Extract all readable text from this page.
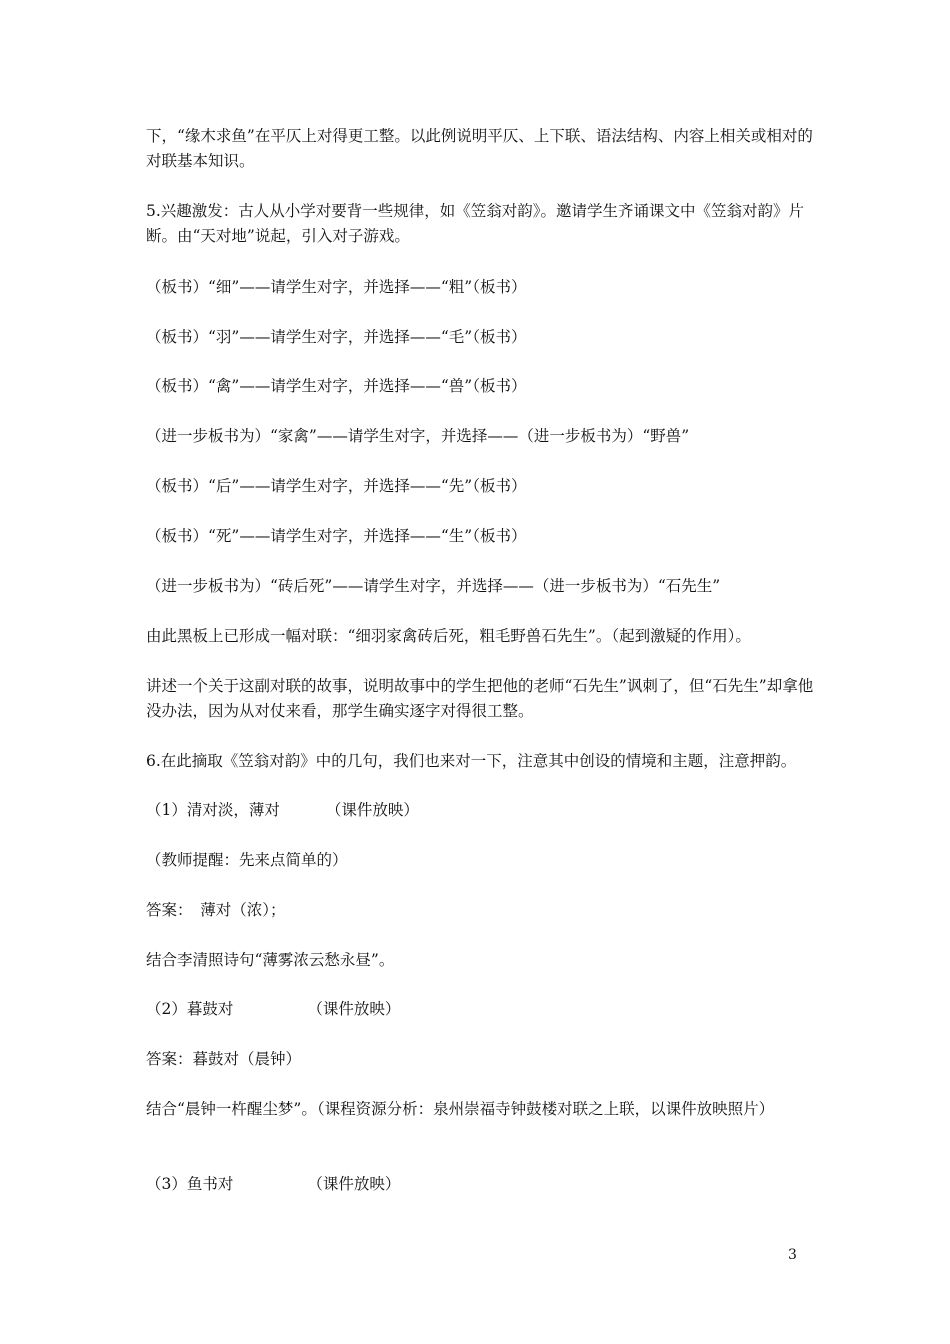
下，“缘木求鱼”在平仄上对得更工整。以此例说明平仄、上下联、语法结构、内容上相关或相对的对联基本知识。
5.兴趣激发：古人从小学对要背一些规律，如《笠翁对韵》。邀请学生齐诵课文中《笠翁对韵》片断。由“天对地”说起，引入对子游戏。
（板书）“细”——请学生对字，并选择——“粗”（板书）
（板书）“羽”——请学生对字，并选择——“毛”（板书）
（板书）“禽”——请学生对字，并选择——“兽”（板书）
（进一步板书为）“家禽”——请学生对字，并选择——（进一步板书为）“野兽”
（板书）“后”——请学生对字，并选择——“先”（板书）
（板书）“死”——请学生对字，并选择——“生”（板书）
（进一步板书为）“砖后死”——请学生对字，并选择——（进一步板书为）“石先生”
由此黑板上已形成一幅对联：“细羽家禽砖后死，粗毛野兽石先生”。（起到激疑的作用）。
讲述一个关于这副对联的故事，说明故事中的学生把他的老师“石先生”讽刺了，但“石先生”却拿他没办法，因为从对仗来看，那学生确实逐字对得很工整。
6.在此摘取《笠翁对韵》中的几句，我们也来对一下，注意其中创设的情境和主题，注意押韵。
（1）清对淡，薄对	（课件放映）
（教师提醒：先来点简单的）
答案：　薄对（浓）；
结合李清照诗句“薄雾浓云愁永昼”。
（2）暮鼓对	（课件放映）
答案：暮鼓对（晨钟）
结合“晨钟一杵醒尘梦”。（课程资源分析：泉州崇福寺钟鼓楼对联之上联，以课件放映照片）
（3）鱼书对	（课件放映）
3
